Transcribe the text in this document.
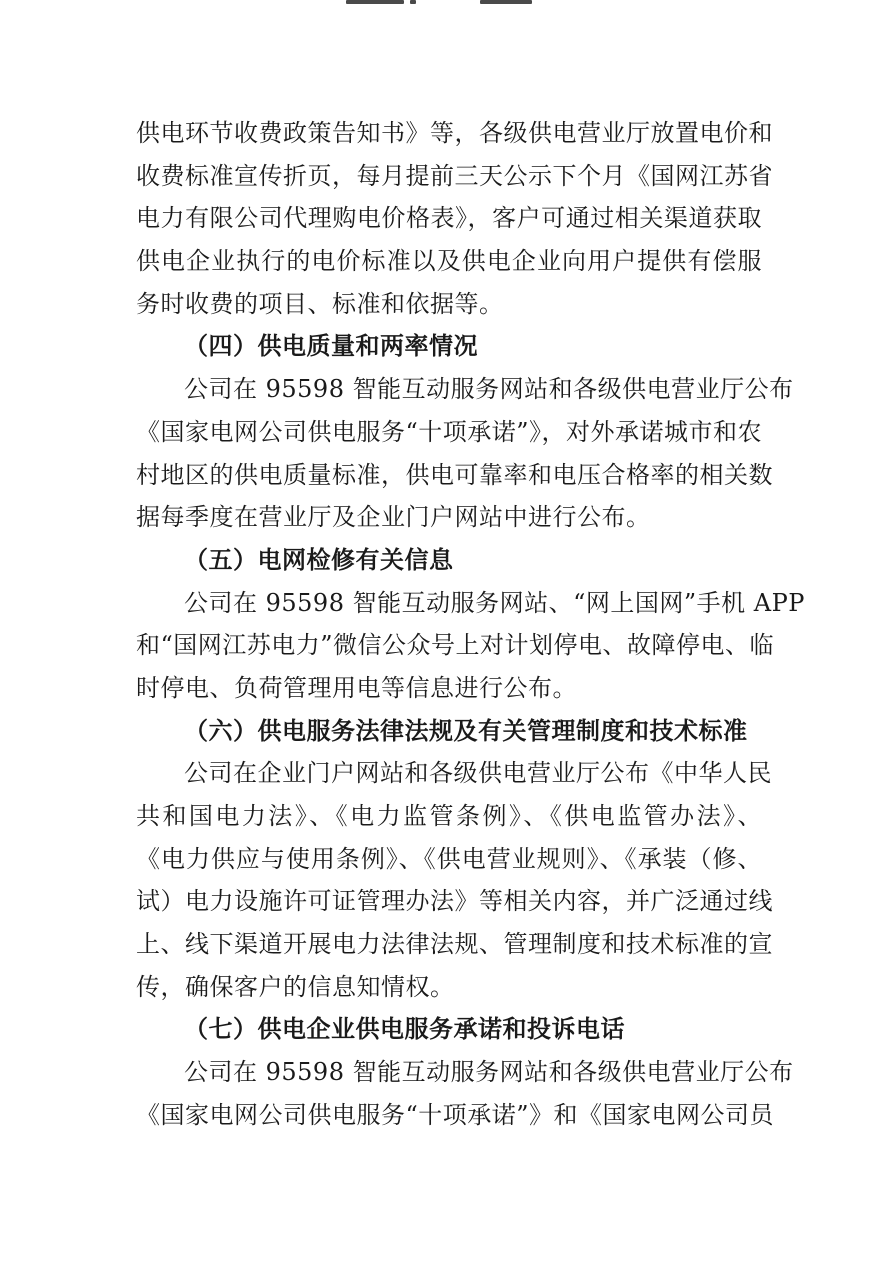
供电环节收费政策告知书》等，各级供电营业厅放置电价和
收费标准宣传折页，每月提前三天公示下个月《国网江苏省
电力有限公司代理购电价格表》，客户可通过相关渠道获取
供电企业执行的电价标准以及供电企业向用户提供有偿服
务时收费的项目、标准和依据等。
（四）供电质量和两率情况
公司在 95598 智能互动服务网站和各级供电营业厅公布
《国家电网公司供电服务“十项承诺”》，对外承诺城市和农
村地区的供电质量标准，供电可靠率和电压合格率的相关数
据每季度在营业厅及企业门户网站中进行公布。
（五）电网检修有关信息
公司在 95598 智能互动服务网站、“网上国网”手机 APP
和“国网江苏电力”微信公众号上对计划停电、故障停电、临
时停电、负荷管理用电等信息进行公布。
（六）供电服务法律法规及有关管理制度和技术标准
公司在企业门户网站和各级供电营业厅公布《中华人民
共和国电力法》、《电力监管条例》、《供电监管办法》、
《电力供应与使用条例》、《供电营业规则》、《承装（修、
试）电力设施许可证管理办法》等相关内容，并广泛通过线
上、线下渠道开展电力法律法规、管理制度和技术标准的宣
传，确保客户的信息知情权。
（七）供电企业供电服务承诺和投诉电话
公司在 95598 智能互动服务网站和各级供电营业厅公布
《国家电网公司供电服务“十项承诺”》和《国家电网公司员
